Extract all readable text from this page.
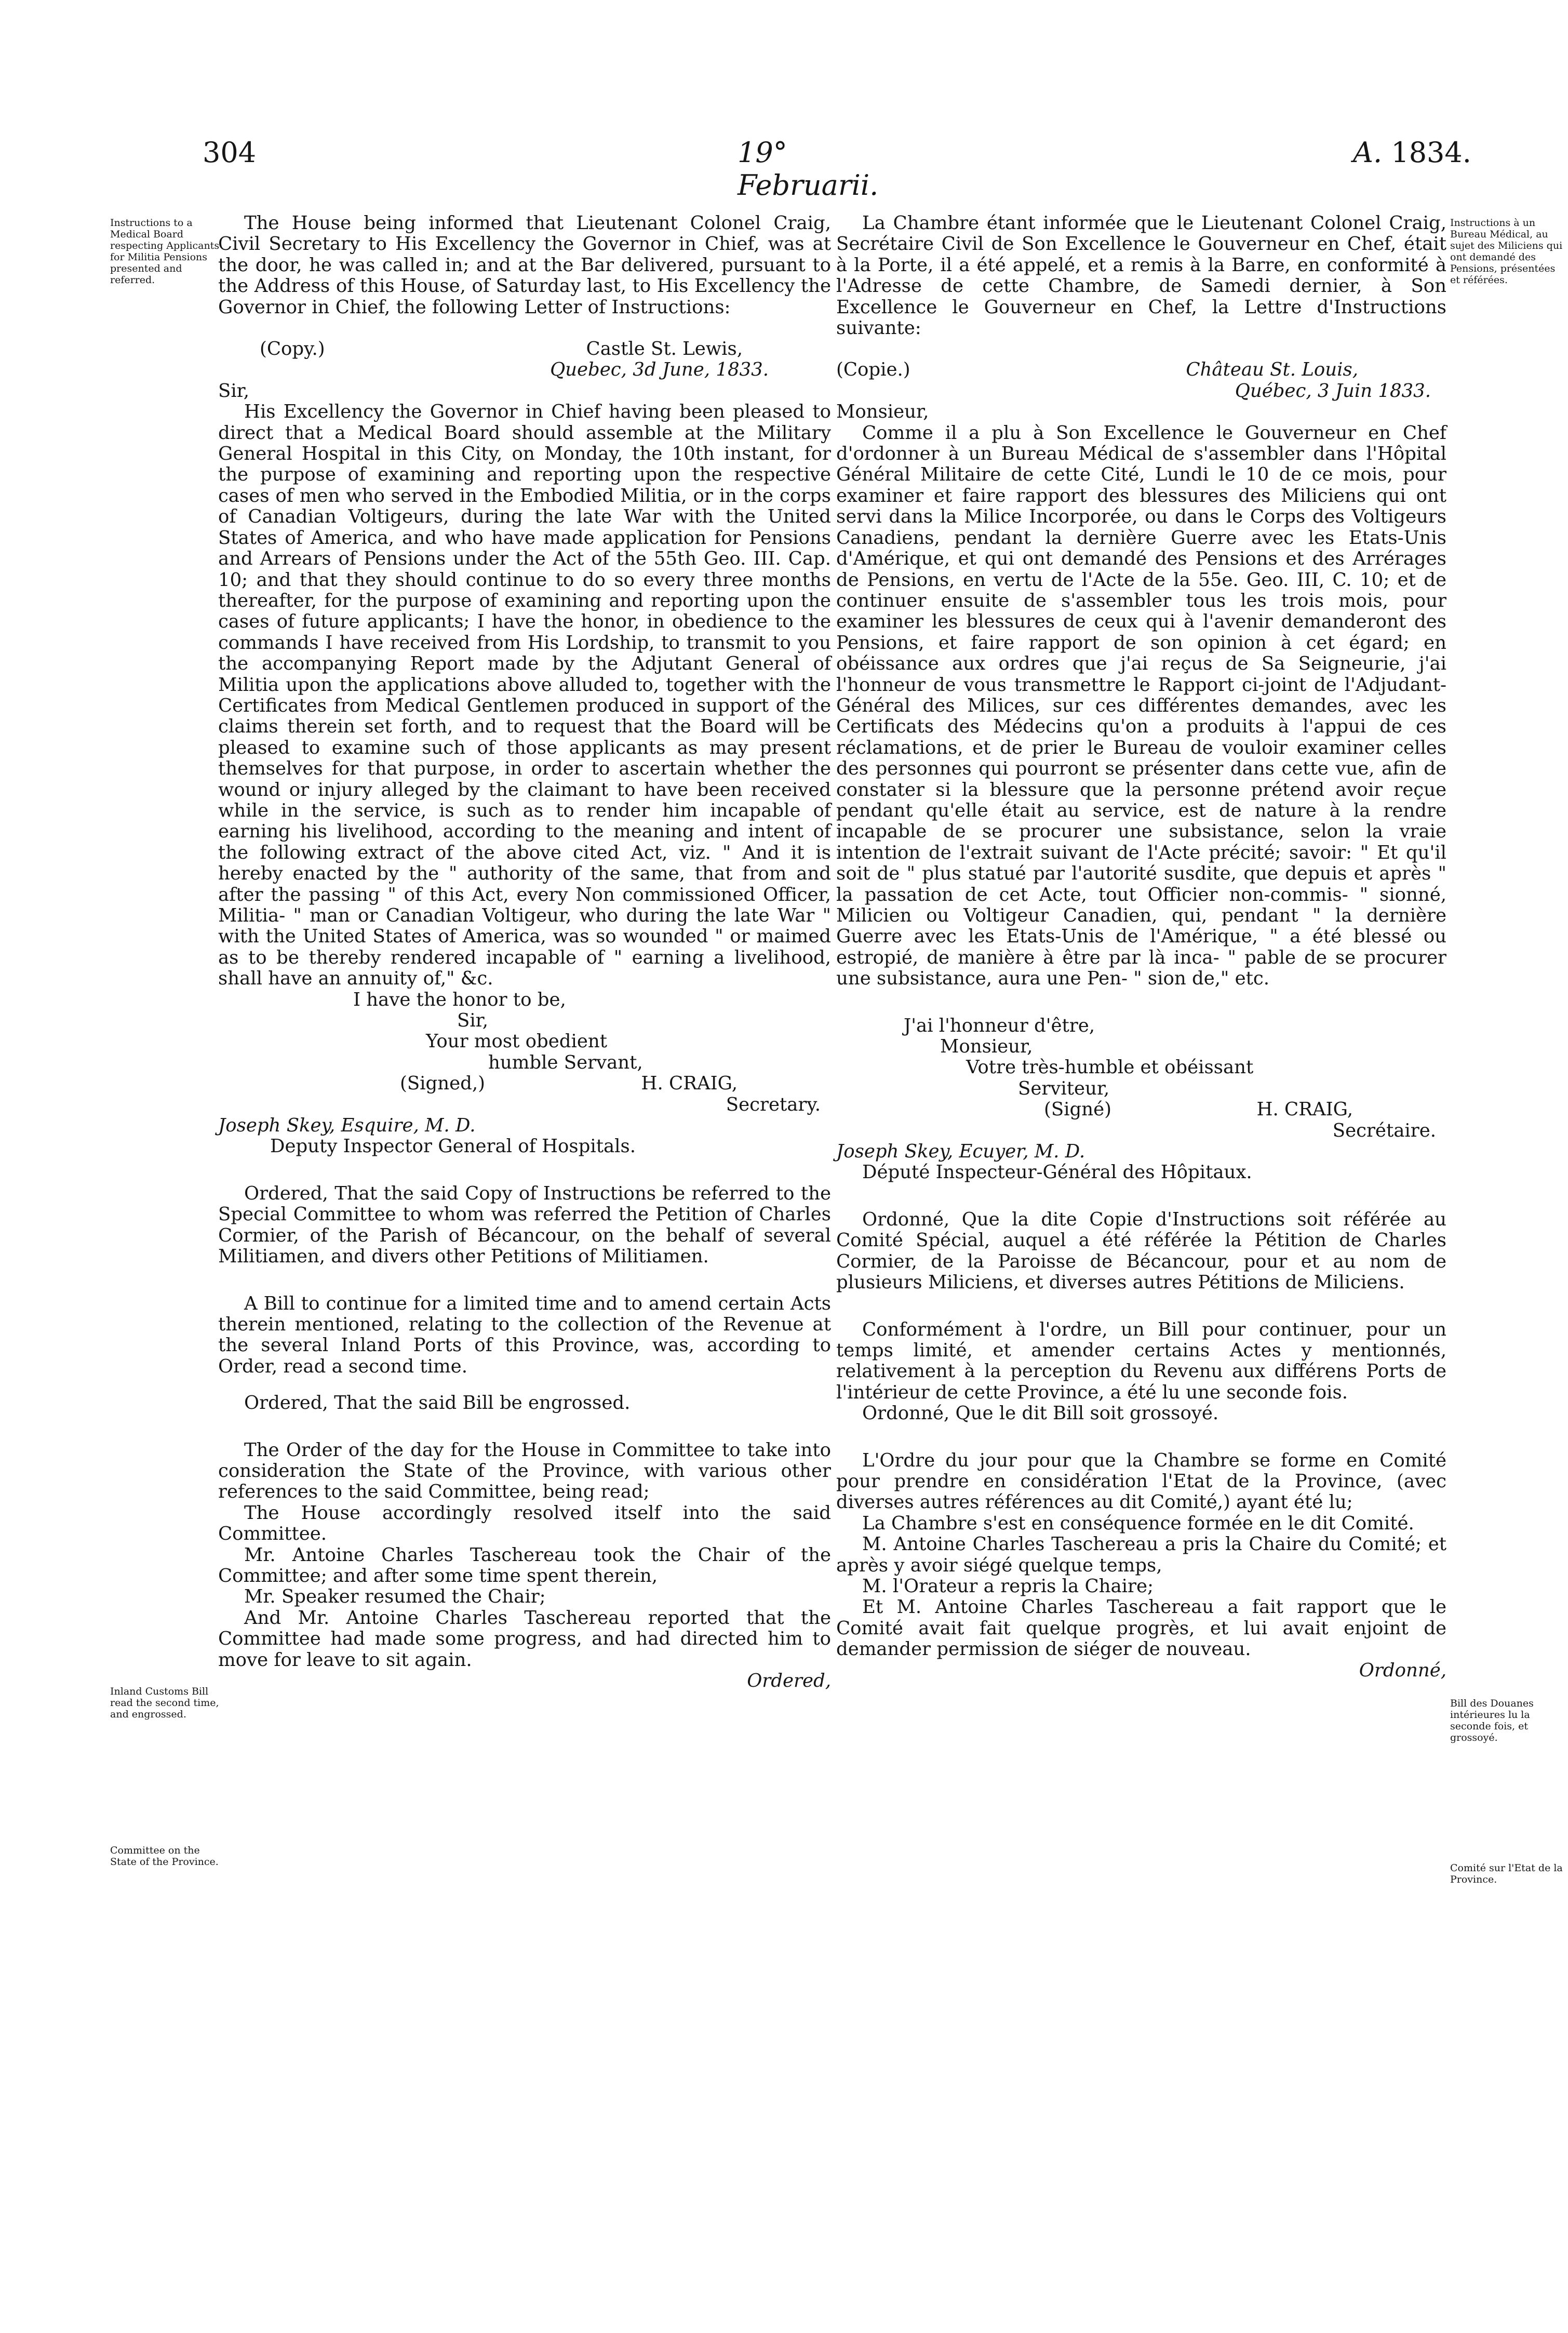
304	19° Februarii.
A. 1834.
Instructions to a Medical Board respecting Applicants for Militia Pensions presented and referred.
Inland Customs Bill read the second time, and engrossed.
Committee on the State of the Province.
Instructions à un Bureau Médical, au sujet des Miliciens qui ont demandé des Pensions, présentées et référées.
Bill des Douanes intérieures lu la seconde fois, et grossoyé.
Comité sur l'Etat de la Province.

The House being informed that Lieutenant Colonel Craig, Civil Secretary to His Excellency the Governor in Chief, was at the door, he was called in; and at the Bar delivered, pursuant to the Address of this House, of Saturday last, to His Excellency the Governor in Chief, the following Letter of Instructions:

(Copy.)	Castle St. Lewis,

Quebec, 3d June, 1833.

Sir,

His Excellency the Governor in Chief having been pleased to direct that a Medical Board should assemble at the Military General Hospital in this City, on Monday, the 10th instant, for the purpose of examining and reporting upon the respective cases of men who served in the Embodied Militia, or in the corps of Canadian Voltigeurs, during the late War with the United States of America, and who have made application for Pensions and Arrears of Pensions under the Act of the 55th Geo. III. Cap. 10; and that they should continue to do so every three months thereafter, for the purpose of examining and reporting upon the cases of future applicants; I have the honor, in obedience to the commands I have received from His Lordship, to transmit to you the accompanying Report made by the Adjutant General of Militia upon the applications above alluded to, together with the Certificates from Medical Gentlemen produced in support of the claims therein set forth, and to request that the Board will be pleased to examine such of those applicants as may present themselves for that purpose, in order to ascertain whether the wound or injury alleged by the claimant to have been received while in the service, is such as to render him incapable of earning his livelihood, according to the meaning and intent of the following extract of the above cited Act, viz. " And it is hereby enacted by the " authority of the same, that from and after the passing " of this Act, every Non commissioned Officer, Militia- " man or Canadian Voltigeur, who during the late War " with the United States of America, was so wounded " or maimed as to be thereby rendered incapable of " earning a livelihood, shall have an annuity of," &c.

I have the honor to be,

Sir,

Your most obedient

humble Servant,

(Signed,)	H. CRAIG,

Secretary.

Joseph Skey, Esquire, M. D.

Deputy Inspector General of Hospitals.

Ordered, That the said Copy of Instructions be referred to the Special Committee to whom was referred the Petition of Charles Cormier, of the Parish of Bécancour, on the behalf of several Militiamen, and divers other Petitions of Militiamen.

A Bill to continue for a limited time and to amend certain Acts therein mentioned, relating to the collection of the Revenue at the several Inland Ports of this Province, was, according to Order, read a second time.

Ordered, That the said Bill be engrossed.

The Order of the day for the House in Committee to take into consideration the State of the Province, with various other references to the said Committee, being read;

The House accordingly resolved itself into the said Committee.

Mr. Antoine Charles Taschereau took the Chair of the Committee; and after some time spent therein,

Mr. Speaker resumed the Chair;

And Mr. Antoine Charles Taschereau reported that the Committee had made some progress, and had directed him to move for leave to sit again.

Ordered,

La Chambre étant informée que le Lieutenant Colonel Craig, Secrétaire Civil de Son Excellence le Gouverneur en Chef, était à la Porte, il a été appelé, et a remis à la Barre, en conformité à l'Adresse de cette Chambre, de Samedi dernier, à Son Excellence le Gouverneur en Chef, la Lettre d'Instructions suivante:

(Copie.)	Château St. Louis,

Québec, 3 Juin 1833.

Monsieur,

Comme il a plu à Son Excellence le Gouverneur en Chef d'ordonner à un Bureau Médical de s'assembler dans l'Hôpital Général Militaire de cette Cité, Lundi le 10 de ce mois, pour examiner et faire rapport des blessures des Miliciens qui ont servi dans la Milice Incorporée, ou dans le Corps des Voltigeurs Canadiens, pendant la dernière Guerre avec les Etats-Unis d'Amérique, et qui ont demandé des Pensions et des Arrérages de Pensions, en vertu de l'Acte de la 55e. Geo. III, C. 10; et de continuer ensuite de s'assembler tous les trois mois, pour examiner les blessures de ceux qui à l'avenir demanderont des Pensions, et faire rapport de son opinion à cet égard; en obéissance aux ordres que j'ai reçus de Sa Seigneurie, j'ai l'honneur de vous transmettre le Rapport ci-joint de l'Adjudant-Général des Milices, sur ces différentes demandes, avec les Certificats des Médecins qu'on a produits à l'appui de ces réclamations, et de prier le Bureau de vouloir examiner celles des personnes qui pourront se présenter dans cette vue, afin de constater si la blessure que la personne prétend avoir reçue pendant qu'elle était au service, est de nature à la rendre incapable de se procurer une subsistance, selon la vraie intention de l'extrait suivant de l'Acte précité; savoir: " Et qu'il soit de " plus statué par l'autorité susdite, que depuis et après " la passation de cet Acte, tout Officier non-commis- " sionné, Milicien ou Voltigeur Canadien, qui, pendant " la dernière Guerre avec les Etats-Unis de l'Amérique, " a été blessé ou estropié, de manière à être par là inca- " pable de se procurer une subsistance, aura une Pen- " sion de," etc.

J'ai l'honneur d'être,

Monsieur,

Votre très-humble et obéissant

Serviteur,

(Signé)	H. CRAIG,

Secrétaire.

Joseph Skey, Ecuyer, M. D.

Député Inspecteur-Général des Hôpitaux.

Ordonné, Que la dite Copie d'Instructions soit référée au Comité Spécial, auquel a été référée la Pétition de Charles Cormier, de la Paroisse de Bécancour, pour et au nom de plusieurs Miliciens, et diverses autres Pétitions de Miliciens.

Conformément à l'ordre, un Bill pour continuer, pour un temps limité, et amender certains Actes y mentionnés, relativement à la perception du Revenu aux différens Ports de l'intérieur de cette Province, a été lu une seconde fois.

Ordonné, Que le dit Bill soit grossoyé.

L'Ordre du jour pour que la Chambre se forme en Comité pour prendre en considération l'Etat de la Province, (avec diverses autres références au dit Comité,) ayant été lu;

La Chambre s'est en conséquence formée en le dit Comité.

M. Antoine Charles Taschereau a pris la Chaire du Comité; et après y avoir siégé quelque temps,

M. l'Orateur a repris la Chaire;

Et M. Antoine Charles Taschereau a fait rapport que le Comité avait fait quelque progrès, et lui avait enjoint de demander permission de siéger de nouveau.

Ordonné,
